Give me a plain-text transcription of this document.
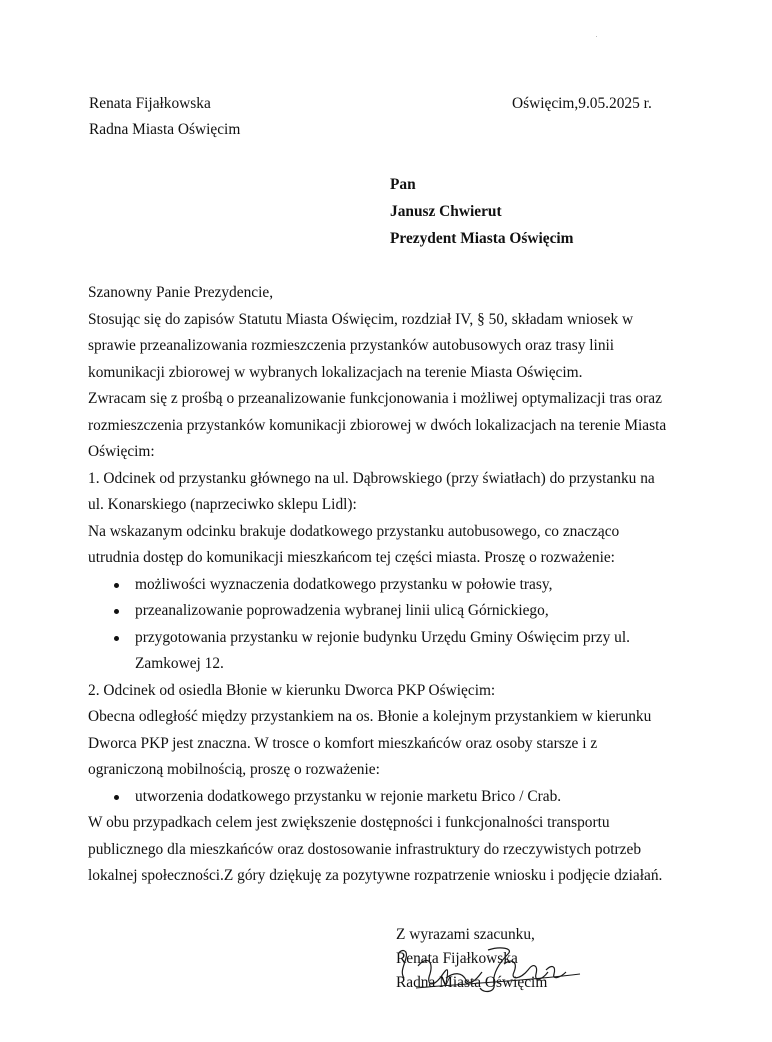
Renata Fijałkowska
Radna Miasta Oświęcim
Oświęcim,9.05.2025 r.
Pan
Janusz Chwierut
Prezydent Miasta Oświęcim
Szanowny Panie Prezydencie,
Stosując się do zapisów Statutu Miasta Oświęcim, rozdział IV, § 50, składam wniosek w
sprawie przeanalizowania rozmieszczenia przystanków autobusowych oraz trasy linii
komunikacji zbiorowej w wybranych lokalizacjach na terenie Miasta Oświęcim.
Zwracam się z prośbą o przeanalizowanie funkcjonowania i możliwej optymalizacji tras oraz
rozmieszczenia przystanków komunikacji zbiorowej w dwóch lokalizacjach na terenie Miasta
Oświęcim:
1. Odcinek od przystanku głównego na ul. Dąbrowskiego (przy światłach) do przystanku na
ul. Konarskiego (naprzeciwko sklepu Lidl):
Na wskazanym odcinku brakuje dodatkowego przystanku autobusowego, co znacząco
utrudnia dostęp do komunikacji mieszkańcom tej części miasta. Proszę o rozważenie:
możliwości wyznaczenia dodatkowego przystanku w połowie trasy,
przeanalizowanie poprowadzenia wybranej linii ulicą Górnickiego,
przygotowania przystanku w rejonie budynku Urzędu Gminy Oświęcim przy ul.
Zamkowej 12.
2. Odcinek od osiedla Błonie w kierunku Dworca PKP Oświęcim:
Obecna odległość między przystankiem na os. Błonie a kolejnym przystankiem w kierunku
Dworca PKP jest znaczna. W trosce o komfort mieszkańców oraz osoby starsze i z
ograniczoną mobilnością, proszę o rozważenie:
utworzenia dodatkowego przystanku w rejonie marketu Brico / Crab.
W obu przypadkach celem jest zwiększenie dostępności i funkcjonalności transportu
publicznego dla mieszkańców oraz dostosowanie infrastruktury do rzeczywistych potrzeb
lokalnej społeczności.Z góry dziękuję za pozytywne rozpatrzenie wniosku i podjęcie działań.
Z wyrazami szacunku,
Renata Fijałkowska
Radna Miasta Oświęcim
